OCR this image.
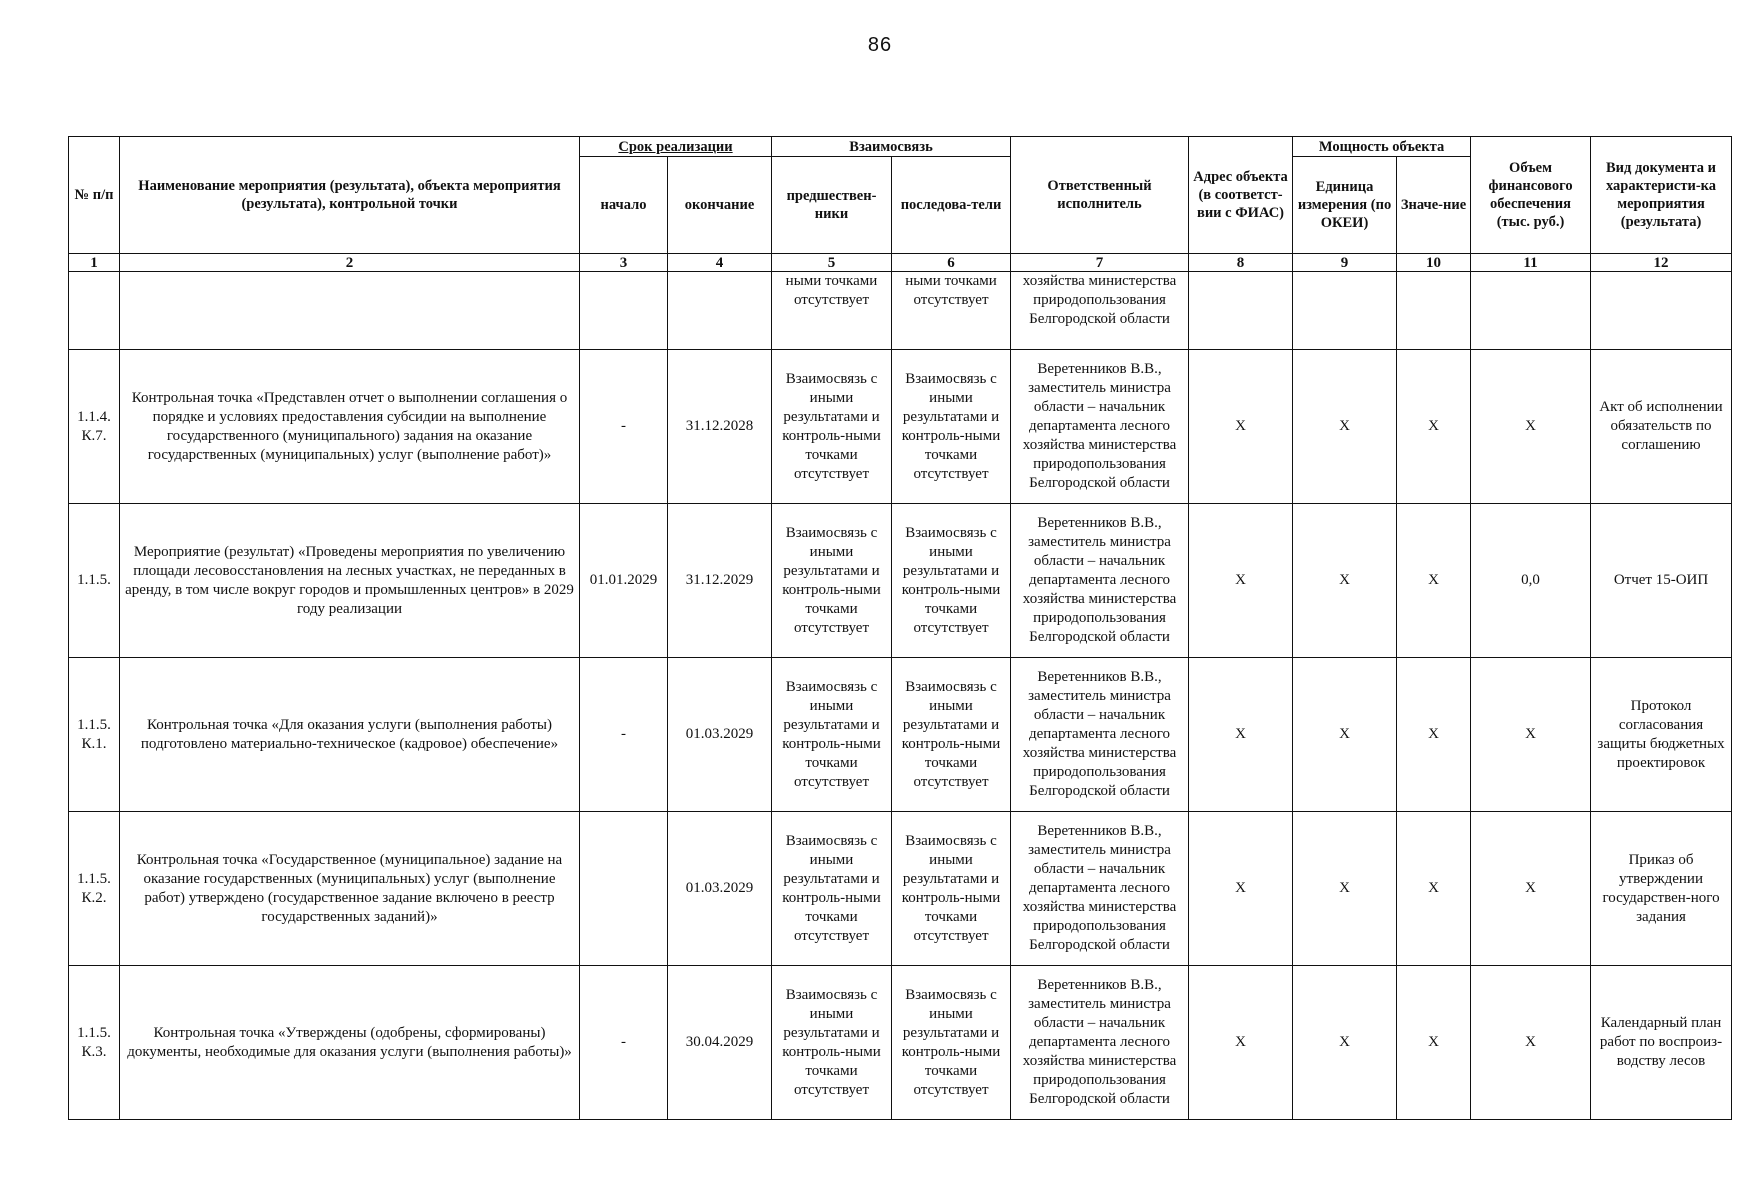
86
№ п/п	Наименование мероприятия (результата), объекта мероприятия (результата), контрольной точки	Срок реализации		Взаимосвязь		Ответственный исполнитель	Адрес объекта (в соответст-вии с ФИАС)	Мощность объекта		Объем финансового обеспечения (тыс. руб.)	Вид документа и характеристи-ка мероприятия (результата)
		начало	окончание	предшествен-ники	последова-тели			Единица измерения (по ОКЕИ)	Значе-ние		
1	2	3	4	5	6	7	8	9	10	11	12
				ными точками отсутствует	ными точками отсутствует	хозяйства министерства природопользования Белгородской области					
1.1.4. К.7.	Контрольная точка «Представлен отчет о выполнении соглашения о порядке и условиях предоставления субсидии на выполнение государственного (муниципального) задания на оказание государственных (муниципальных) услуг (выполнение работ)»	-	31.12.2028	Взаимосвязь с иными результатами и контроль-ными точками отсутствует	Взаимосвязь с иными результатами и контроль-ными точками отсутствует	Веретенников В.В., заместитель министра области – начальник департамента лесного хозяйства министерства природопользования Белгородской области	X	X	X	X	Акт об исполнении обязательств по соглашению
1.1.5.	Мероприятие (результат) «Проведены мероприятия по увеличению площади лесовосстановления на лесных участках, не переданных в аренду, в том числе вокруг городов и промышленных центров» в 2029 году реализации	01.01.2029	31.12.2029	Взаимосвязь с иными результатами и контроль-ными точками отсутствует	Взаимосвязь с иными результатами и контроль-ными точками отсутствует	Веретенников В.В., заместитель министра области – начальник департамента лесного хозяйства министерства природопользования Белгородской области	X	X	X	0,0	Отчет 15-ОИП
1.1.5. К.1.	Контрольная точка «Для оказания услуги (выполнения работы) подготовлено материально-техническое (кадровое) обеспечение»	-	01.03.2029	Взаимосвязь с иными результатами и контроль-ными точками отсутствует	Взаимосвязь с иными результатами и контроль-ными точками отсутствует	Веретенников В.В., заместитель министра области – начальник департамента лесного хозяйства министерства природопользования Белгородской области	X	X	X	X	Протокол согласования защиты бюджетных проектировок
1.1.5. К.2.	Контрольная точка «Государственное (муниципальное) задание на оказание государственных (муниципальных) услуг (выполнение работ) утверждено (государственное задание включено в реестр государственных заданий)»		01.03.2029	Взаимосвязь с иными результатами и контроль-ными точками отсутствует	Взаимосвязь с иными результатами и контроль-ными точками отсутствует	Веретенников В.В., заместитель министра области – начальник департамента лесного хозяйства министерства природопользования Белгородской области	X	X	X	X	Приказ об утверждении государствен-ного задания
1.1.5. К.3.	Контрольная точка «Утверждены (одобрены, сформированы) документы, необходимые для оказания услуги (выполнения работы)»	-	30.04.2029	Взаимосвязь с иными результатами и контроль-ными точками отсутствует	Взаимосвязь с иными результатами и контроль-ными точками отсутствует	Веретенников В.В., заместитель министра области – начальник департамента лесного хозяйства министерства природопользования Белгородской области	X	X	X	X	Календарный план работ по воспроиз-водству лесов
